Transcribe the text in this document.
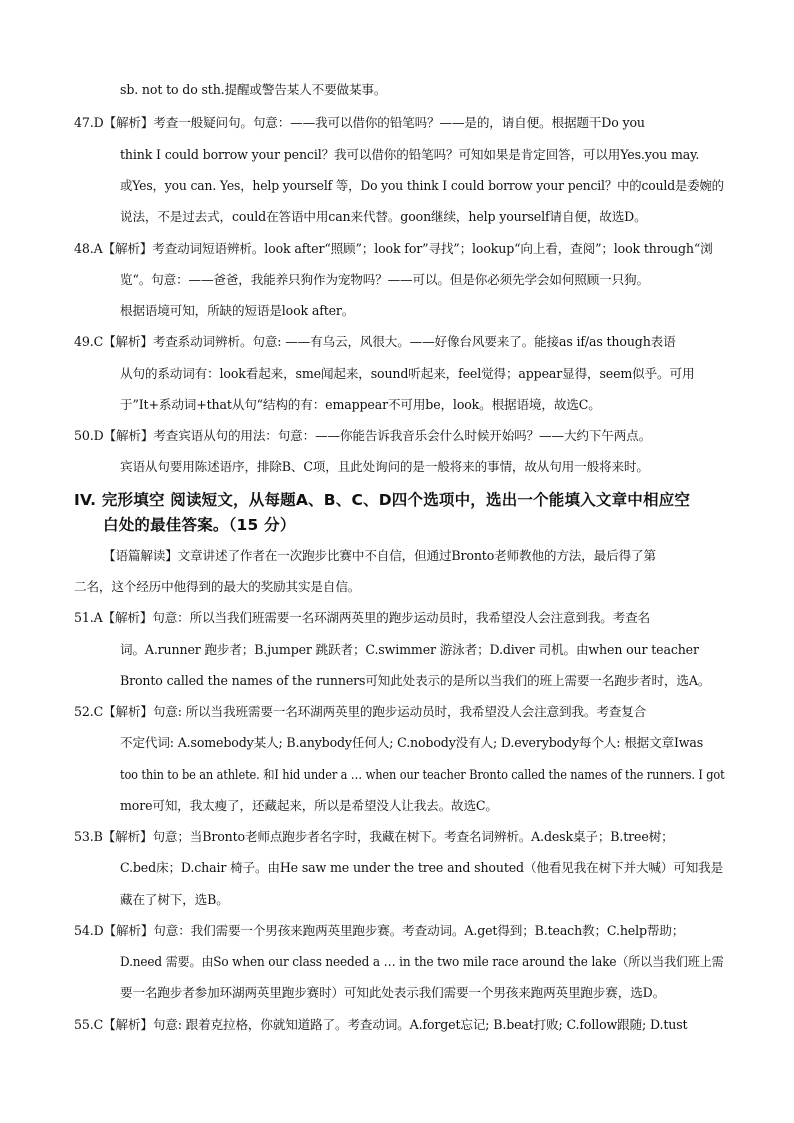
IV. 完形填空 阅读短文，从每题A、B、C、D四个选项中，选出一个能填入文章中相应空
白处的最佳答案。（15 分）
sb. not to do sth.提醒或警告某人不要做某事。
47.D【解析】考查一般疑问句。句意：——我可以借你的铅笔吗？——是的，请自便。根据题干Do you
think I could borrow your pencil？我可以借你的铅笔吗？可知如果是肯定回答，可以用Yes.you may.
或Yes，you can. Yes，help yourself 等，Do you think I could borrow your pencil？中的could是委婉的
说法，不是过去式，could在答语中用can来代替。goon继续，help yourself请自便，故选D。
48.A【解析】考查动词短语辨析。look after“照顾”；look for”寻找”；lookup“向上看，查阅”；look through“浏
览“。句意：——爸爸，我能养只狗作为宠物吗？——可以。但是你必须先学会如何照顾一只狗。
根据语境可知，所缺的短语是look after。
49.C【解析】考查系动词辨析。句意: ——有乌云，风很大。——好像台风要来了。能接as if/as though表语
从句的系动词有：look看起来，sme闻起来，sound听起来，feel觉得；appear显得，seem似乎。可用
于”It+系动词+that从句“结构的有：emappear不可用be，look。根据语境，故选C。
50.D【解析】考查宾语从句的用法：句意：——你能告诉我音乐会什么时候开始吗？——大约下午两点。
宾语从句要用陈述语序，排除B、C项，且此处询问的是一般将来的事情，故从句用一般将来时。
【语篇解读】文章讲述了作者在一次跑步比赛中不自信，但通过Bronto老师教他的方法，最后得了第
二名，这个经历中他得到的最大的奖励其实是自信。
51.A【解析】句意：所以当我们班需要一名环湖两英里的跑步运动员时，我希望没人会注意到我。考查名
词。A.runner 跑步者；B.jumper 跳跃者；C.swimmer 游泳者；D.diver 司机。由when our teacher
Bronto called the names of the runners可知此处表示的是所以当我们的班上需要一名跑步者时，选A。
52.C【解析】句意: 所以当我班需要一名环湖两英里的跑步运动员时，我希望没人会注意到我。考查复合
不定代词: A.somebody某人; B.anybody任何人; C.nobody没有人; D.everybody每个人: 根据文章Iwas
too thin to be an athlete. 和I hid under a … when our teacher Bronto called the names of the runners. I got
more可知，我太瘦了，还藏起来，所以是希望没人让我去。故选C。
53.B【解析】句意；当Bronto老师点跑步者名字时，我藏在树下。考查名词辨析。A.desk桌子；B.tree树；
C.bed床；D.chair 椅子。由He saw me under the tree and shouted（他看见我在树下并大喊）可知我是
藏在了树下，选B。
54.D【解析】句意：我们需要一个男孩来跑两英里跑步赛。考查动词。A.get得到；B.teach教；C.help帮助；
D.need 需要。由So when our class needed a … in the two mile race around the lake（所以当我们班上需
要一名跑步者参加环湖两英里跑步赛时）可知此处表示我们需要一个男孩来跑两英里跑步赛，选D。
55.C【解析】句意: 跟着克拉格，你就知道路了。考查动词。A.forget忘记; B.beat打败; C.follow跟随; D.tust
